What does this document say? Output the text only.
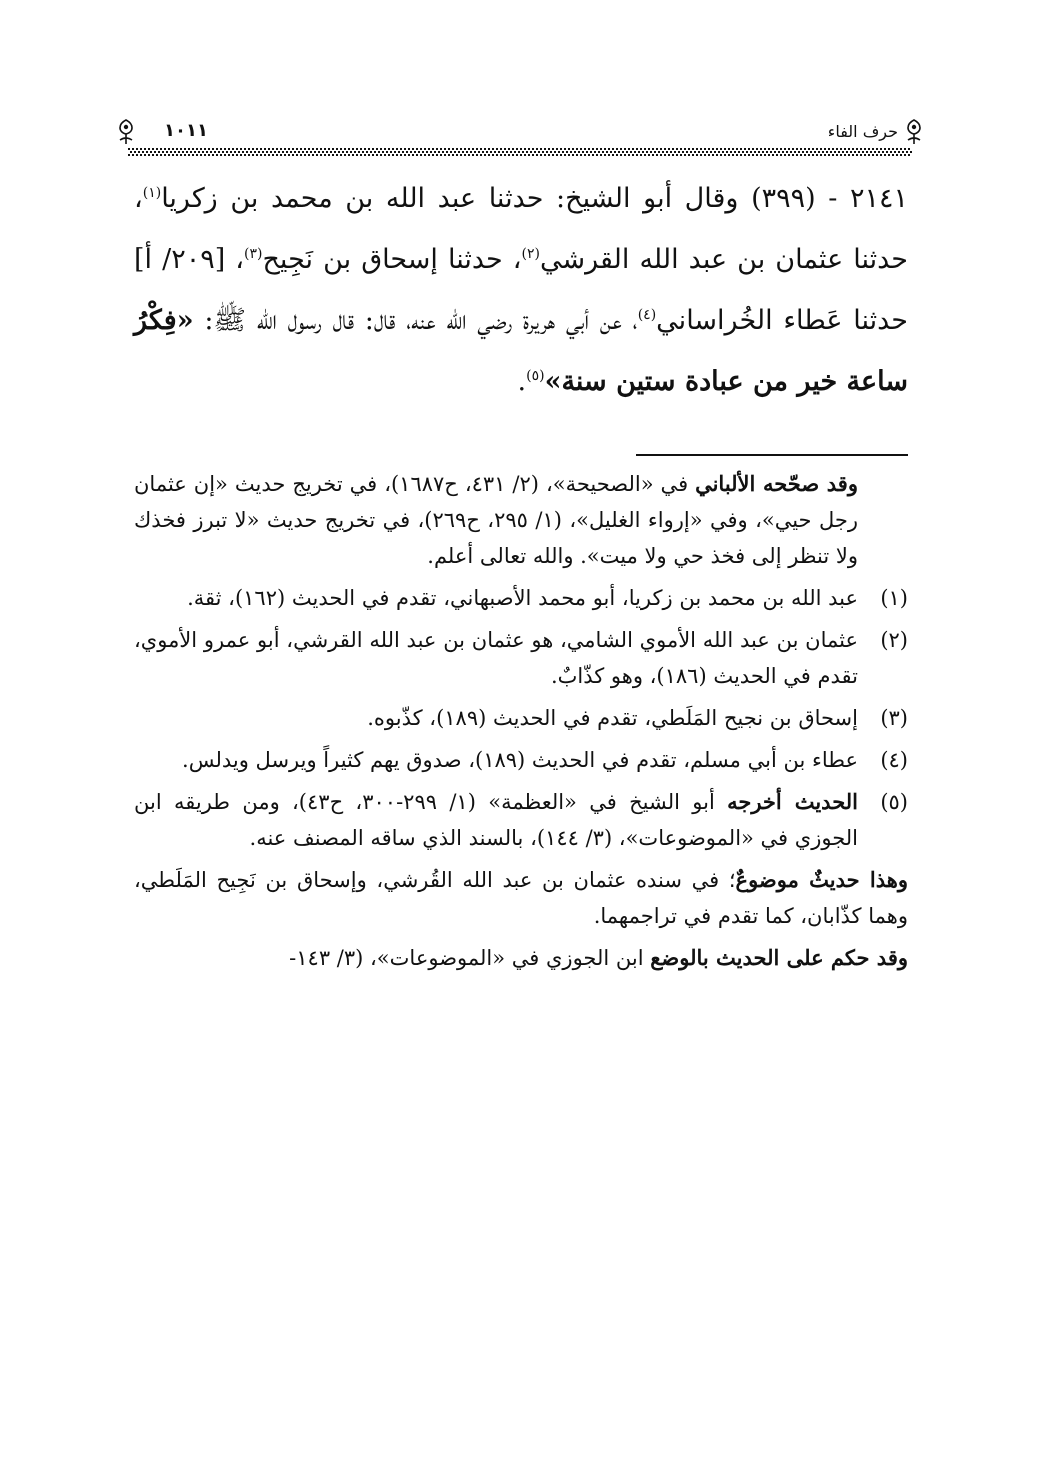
حرف الفاء
١٠١١

٢١٤١ - (٣٩٩) وقال أبو الشيخ: حدثنا عبد الله بن محمد بن زكريا$^{(١)}$، حدثنا عثمان بن عبد الله القرشي$^{(٢)}$، حدثنا إسحاق بن نَجِيح$^{(٣)}$، [٢٠٩/ أ] حدثنا عَطاء الخُراساني$^{(٤)}$، عن أبي هريرة رضي الله عنه، قال: قال رسول الله ﷺ: «فِكْرُ ساعة خير من عبادة ستين سنة»$^{(٥)}$.

وقد صحّحه الألباني في «الصحيحة»، (٢/ ٤٣١، ح١٦٨٧)، في تخريج حديث «إن عثمان رجل حيي»، وفي «إرواء الغليل»، (١/ ٢٩٥، ح٢٦٩)، في تخريج حديث «لا تبرز فخذك ولا تنظر إلى فخذ حي ولا ميت». والله تعالى أعلم.

(١)
عبد الله بن محمد بن زكريا، أبو محمد الأصبهاني، تقدم في الحديث (١٦٢)، ثقة.
(٢)
عثمان بن عبد الله الأموي الشامي، هو عثمان بن عبد الله القرشي، أبو عمرو الأموي، تقدم في الحديث (١٨٦)، وهو كذّابٌ.
(٣)
إسحاق بن نجيح المَلَطي، تقدم في الحديث (١٨٩)، كذّبوه.
(٤)
عطاء بن أبي مسلم، تقدم في الحديث (١٨٩)، صدوق يهم كثيراً ويرسل ويدلس.
(٥)
الحديث أخرجه أبو الشيخ في «العظمة» (١/ ٢٩٩-٣٠٠، ح٤٣)، ومن طريقه ابن الجوزي في «الموضوعات»، (٣/ ١٤٤)، بالسند الذي ساقه المصنف عنه.

وهذا حديثٌ موضوعٌ؛ في سنده عثمان بن عبد الله القُرشي، وإسحاق بن نَجِيح المَلَطي، وهما كذّابان، كما تقدم في تراجمهما.

وقد حكم على الحديث بالوضع ابن الجوزي في «الموضوعات»، (٣/ ١٤٣-
